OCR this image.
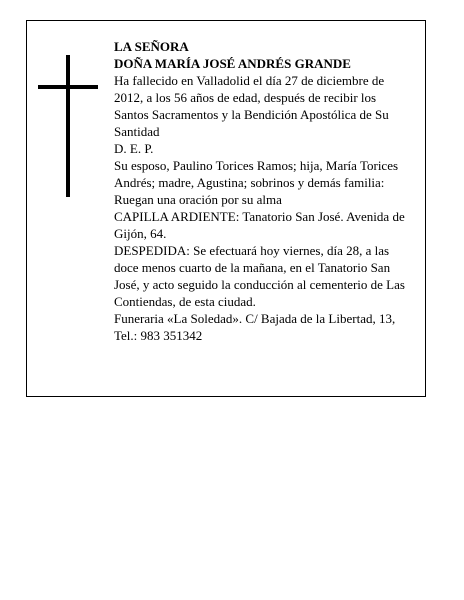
LA SEÑORA

DOÑA MARÍA JOSÉ ANDRÉS GRANDE

Ha fallecido en Valladolid el día 27 de diciembre de 2012, a los 56 años de edad, después de recibir los Santos Sacramentos y la Bendición Apostólica de Su Santidad

D. E. P.

Su esposo, Paulino Torices Ramos; hija, María Torices Andrés; madre, Agustina; sobrinos y demás familia: Ruegan una oración por su alma

CAPILLA ARDIENTE: Tanatorio San José. Avenida de Gijón, 64.

DESPEDIDA: Se efectuará hoy viernes, día 28, a las doce menos cuarto de la mañana, en el Tanatorio San José, y acto seguido la conducción al cementerio de Las Contiendas, de esta ciudad.

Funeraria «La Soledad». C/ Bajada de la Libertad, 13, Tel.: 983 351342
